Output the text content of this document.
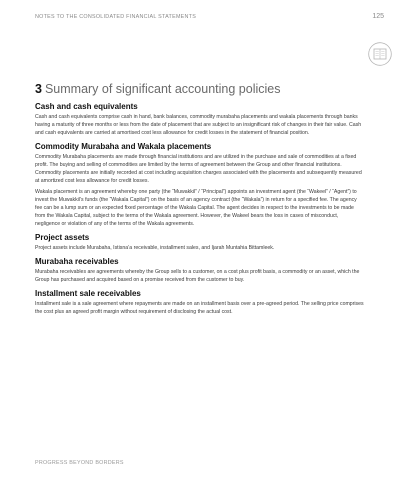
NOTES TO THE CONSOLIDATED FINANCIAL STATEMENTS	125
3 Summary of significant accounting policies
Cash and cash equivalents

Cash and cash equivalents comprise cash in hand, bank balances, commodity murabaha placements and wakala placements through banks having a maturity of three months or less from the date of placement that are subject to an insignificant risk of changes in their fair value. Cash and cash equivalents are carried at amortised cost less allowance for credit losses in the statement of financial position.

Commodity Murabaha and Wakala placements

Commodity Murabaha placements are made through financial institutions and are utilized in the purchase and sale of commodities at a fixed profit. The buying and selling of commodities are limited by the terms of agreement between the Group and other financial institutions. Commodity placements are initially recorded at cost including acquisition charges associated with the placements and subsequently measured at amortized cost less allowance for credit losses.

Wakala placement is an agreement whereby one party (the “Muwakkil” / “Principal”) appoints an investment agent (the “Wakeel” / “Agent”) to invest the Muwakkil’s funds (the “Wakala Capital”) on the basis of an agency contract (the “Wakala”) in return for a specified fee. The agency fee can be a lump sum or an expected fixed percentage of the Wakala Capital. The agent decides in respect to the investments to be made from the Wakala Capital, subject to the terms of the Wakala agreement. However, the Wakeel bears the loss in cases of misconduct, negligence or violation of any of the terms of the Wakala agreements.

Project assets

Project assets include Murabaha, Istisna’a receivable, installment sales, and Ijarah Muntahia Bittamleek.

Murabaha receivables

Murabaha receivables are agreements whereby the Group sells to a customer, on a cost plus profit basis, a commodity or an asset, which the Group has purchased and acquired based on a promise received from the customer to buy.

Installment sale receivables

Installment sale is a sale agreement where repayments are made on an installment basis over a pre-agreed period. The selling price comprises the cost plus an agreed profit margin without requirement of disclosing the actual cost.

PROGRESS BEYOND BORDERS
